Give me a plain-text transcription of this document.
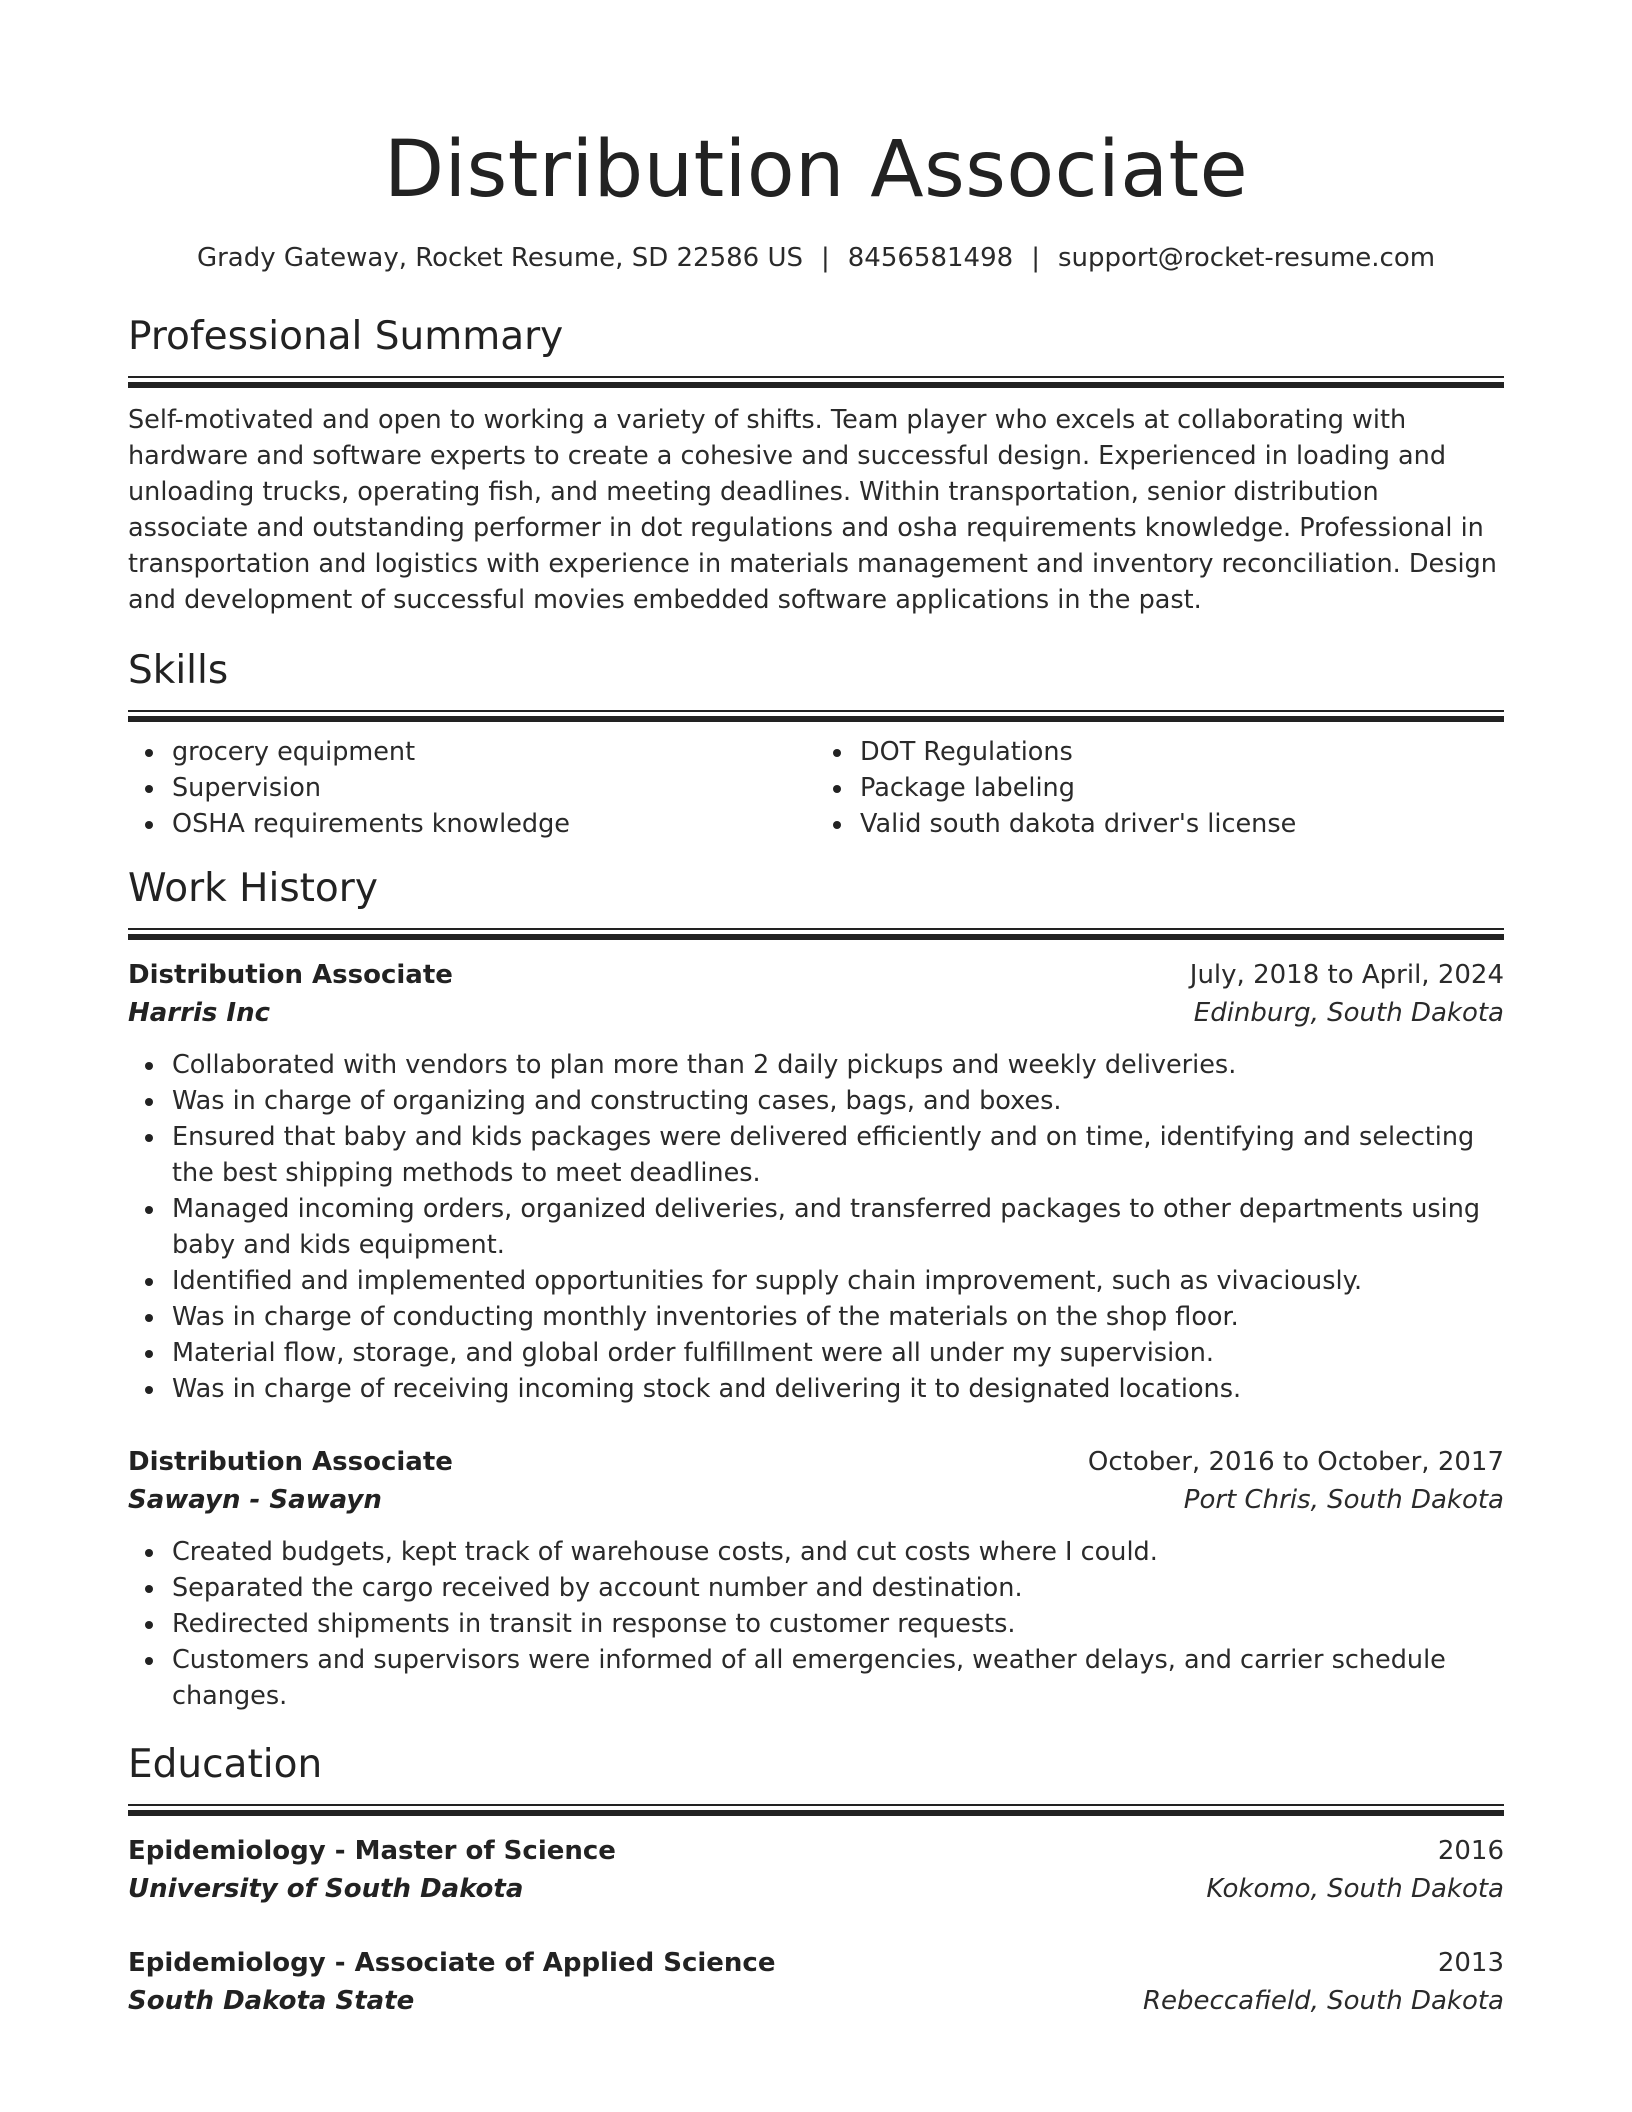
Distribution Associate
Grady Gateway, Rocket Resume, SD 22586 US | 8456581498 | support@rocket-resume.com
Professional Summary

Self-motivated and open to working a variety of shifts. Team player who excels at collaborating with hardware and software experts to create a cohesive and successful design. Experienced in loading and unloading trucks, operating fish, and meeting deadlines. Within transportation, senior distribution associate and outstanding performer in dot regulations and osha requirements knowledge. Professional in transportation and logistics with experience in materials management and inventory reconciliation. Design and development of successful movies embedded software applications in the past.

Skills
grocery equipment
Supervision
OSHA requirements knowledge
DOT Regulations
Package labeling
Valid south dakota driver's license
Work History
Distribution Associate	July, 2018 to April, 2024
Harris Inc	Edinburg, South Dakota
Collaborated with vendors to plan more than 2 daily pickups and weekly deliveries.
Was in charge of organizing and constructing cases, bags, and boxes.
Ensured that baby and kids packages were delivered efficiently and on time, identifying and selecting the best shipping methods to meet deadlines.
Managed incoming orders, organized deliveries, and transferred packages to other departments using baby and kids equipment.
Identified and implemented opportunities for supply chain improvement, such as vivaciously.
Was in charge of conducting monthly inventories of the materials on the shop floor.
Material flow, storage, and global order fulfillment were all under my supervision.
Was in charge of receiving incoming stock and delivering it to designated locations.
Distribution Associate	October, 2016 to October, 2017
Sawayn - Sawayn	Port Chris, South Dakota
Created budgets, kept track of warehouse costs, and cut costs where I could.
Separated the cargo received by account number and destination.
Redirected shipments in transit in response to customer requests.
Customers and supervisors were informed of all emergencies, weather delays, and carrier schedule changes.
Education
Epidemiology - Master of Science	2016
University of South Dakota	Kokomo, South Dakota
Epidemiology - Associate of Applied Science	2013
South Dakota State	Rebeccafield, South Dakota
